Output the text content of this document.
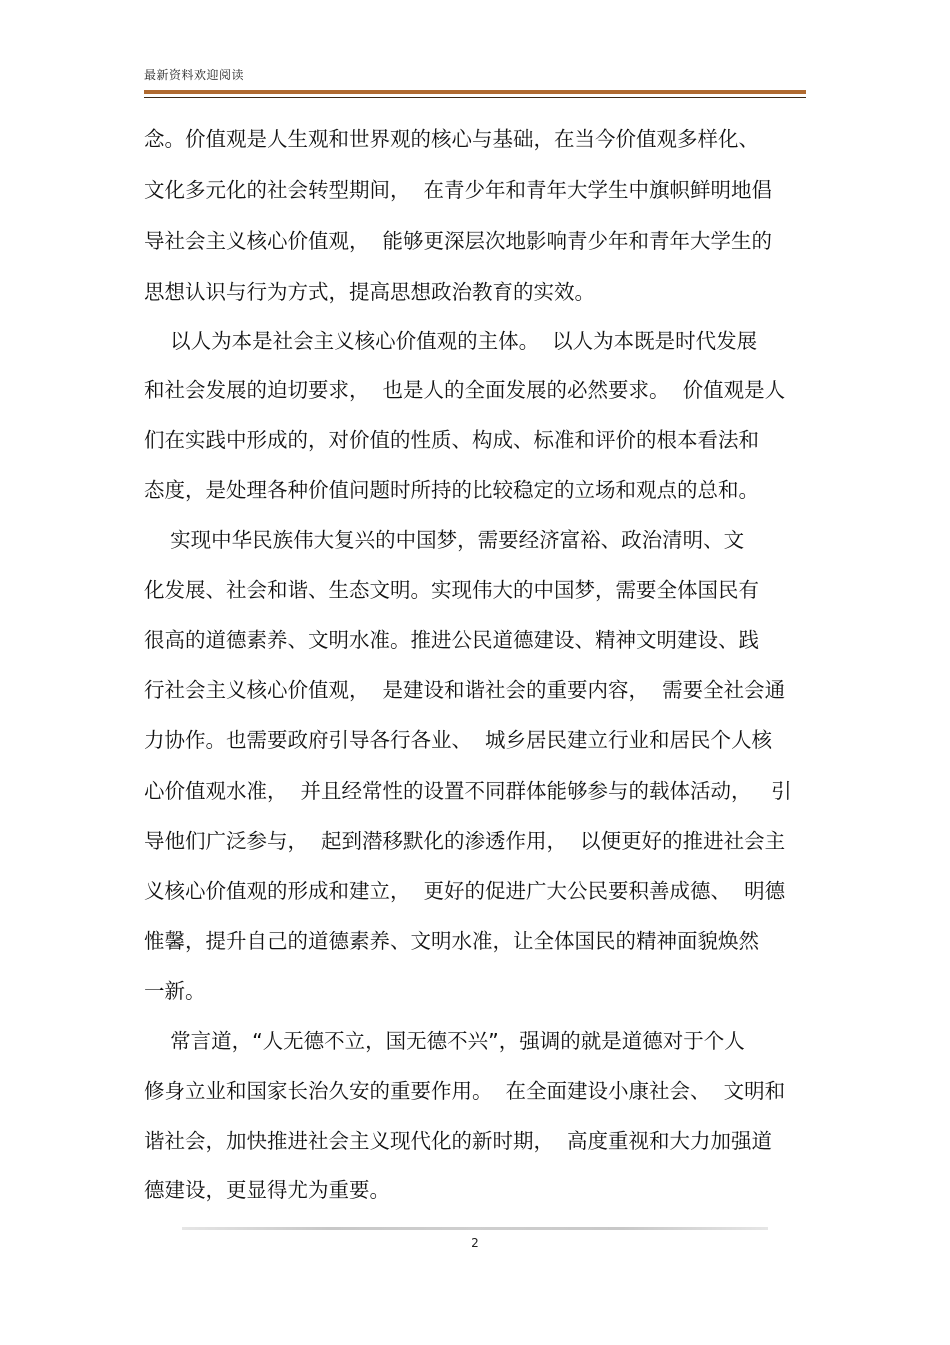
最新资料欢迎阅读
念。价值观是人生观和世界观的核心与基础，在当今价值观多样化、
文化多元化的社会转型期间，  在青少年和青年大学生中旗帜鲜明地倡
导社会主义核心价值观，  能够更深层次地影响青少年和青年大学生的
思想认识与行为方式，提高思想政治教育的实效。
以人为本是社会主义核心价值观的主体。  以人为本既是时代发展
和社会发展的迫切要求，  也是人的全面发展的必然要求。  价值观是人
们在实践中形成的，对价值的性质、构成、标准和评价的根本看法和
态度，是处理各种价值问题时所持的比较稳定的立场和观点的总和。
实现中华民族伟大复兴的中国梦，需要经济富裕、政治清明、文
化发展、社会和谐、生态文明。实现伟大的中国梦，需要全体国民有
很高的道德素养、文明水准。推进公民道德建设、精神文明建设、践
行社会主义核心价值观，  是建设和谐社会的重要内容，  需要全社会通
力协作。也需要政府引导各行各业、  城乡居民建立行业和居民个人核
心价值观水准，  并且经常性的设置不同群体能够参与的载体活动，   引
导他们广泛参与，  起到潜移默化的渗透作用，  以便更好的推进社会主
义核心价值观的形成和建立，  更好的促进广大公民要积善成德、  明德
惟馨，提升自己的道德素养、文明水准，让全体国民的精神面貌焕然
一新。
常言道，“人无德不立，国无德不兴”，强调的就是道德对于个人
修身立业和国家长治久安的重要作用。  在全面建设小康社会、  文明和
谐社会，加快推进社会主义现代化的新时期，  高度重视和大力加强道
德建设，更显得尤为重要。
2
